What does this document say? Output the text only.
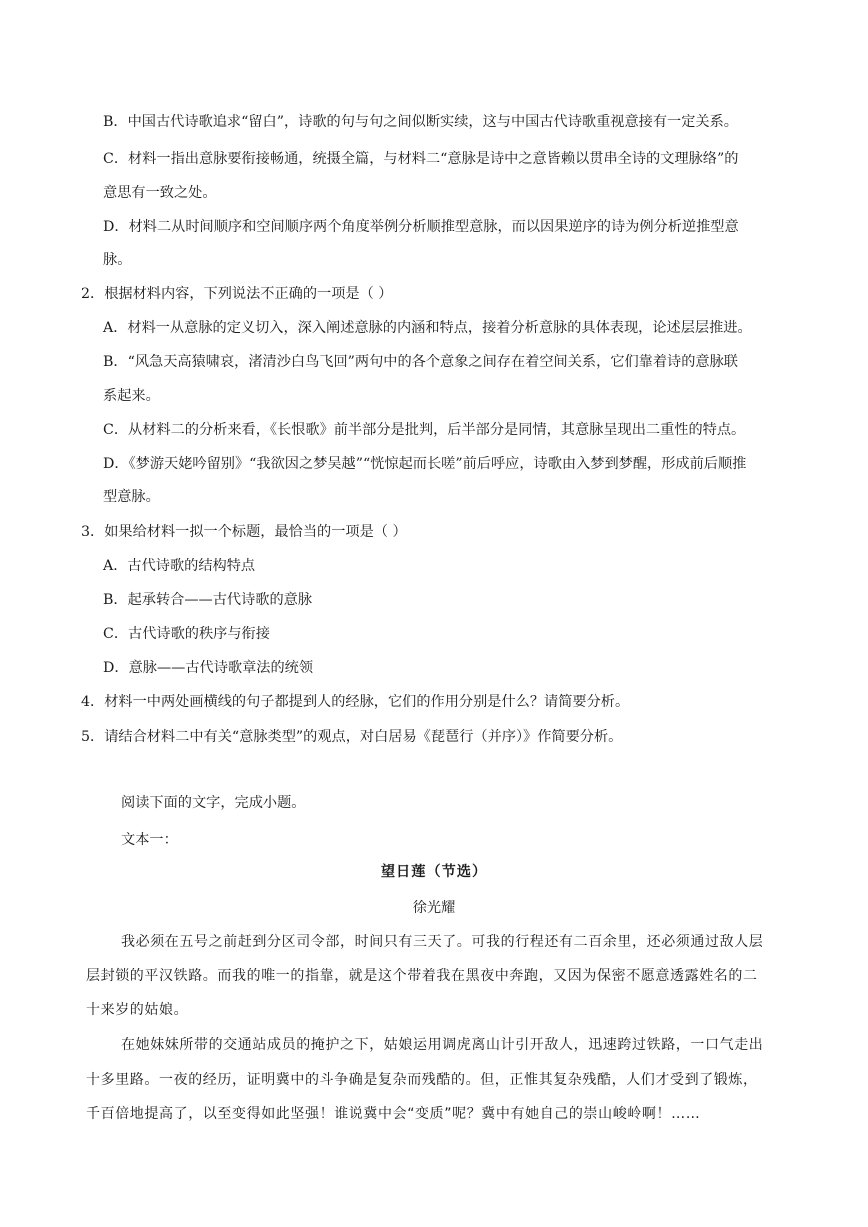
B．中国古代诗歌追求“留白”，诗歌的句与句之间似断实续，这与中国古代诗歌重视意接有一定关系。
C．材料一指出意脉要衔接畅通，统摄全篇，与材料二“意脉是诗中之意皆赖以贯串全诗的文理脉络”的
意思有一致之处。
D．材料二从时间顺序和空间顺序两个角度举例分析顺推型意脉，而以因果逆序的诗为例分析逆推型意
脉。
2．根据材料内容，下列说法不正确的一项是（ ）
A．材料一从意脉的定义切入，深入阐述意脉的内涵和特点，接着分析意脉的具体表现，论述层层推进。
B．“风急天高猿啸哀，渚清沙白鸟飞回”两句中的各个意象之间存在着空间关系，它们靠着诗的意脉联
系起来。
C．从材料二的分析来看，《长恨歌》前半部分是批判，后半部分是同情，其意脉呈现出二重性的特点。
D．《梦游天姥吟留别》“我欲因之梦吴越”“恍惊起而长嗟”前后呼应，诗歌由入梦到梦醒，形成前后顺推
型意脉。
3．如果给材料一拟一个标题，最恰当的一项是（ ）
A．古代诗歌的结构特点
B．起承转合——古代诗歌的意脉
C．古代诗歌的秩序与衔接
D．意脉——古代诗歌章法的统领
4．材料一中两处画横线的句子都提到人的经脉，它们的作用分别是什么？请简要分析。
5．请结合材料二中有关“意脉类型”的观点，对白居易《琵琶行（并序）》作简要分析。
阅读下面的文字，完成小题。
文本一：
望日莲（节选）
徐光耀
我必须在五号之前赶到分区司令部，时间只有三天了。可我的行程还有二百余里，还必须通过敌人层
层封锁的平汉铁路。而我的唯一的指靠，就是这个带着我在黑夜中奔跑，又因为保密不愿意透露姓名的二
十来岁的姑娘。
在她妹妹所带的交通站成员的掩护之下，姑娘运用调虎离山计引开敌人，迅速跨过铁路，一口气走出
十多里路。一夜的经历，证明冀中的斗争确是复杂而残酷的。但，正惟其复杂残酷，人们才受到了锻炼，
千百倍地提高了，以至变得如此坚强！谁说冀中会“变质”呢？冀中有她自己的崇山峻岭啊！……
